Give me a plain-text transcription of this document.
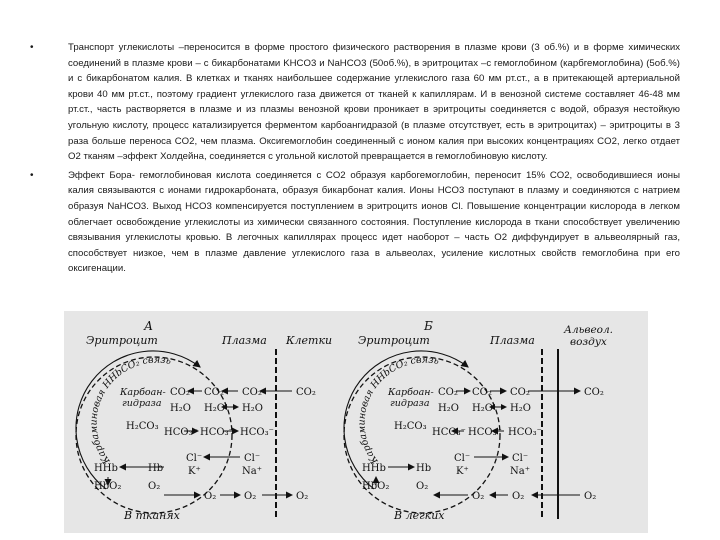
•	Транспорт углекислоты –переносится в форме простого физического растворения в плазме крови (3 об.%) и в форме химических соединений в плазме крови – с бикарбонатами KHCO3 и NaHCO3 (50об.%), в эритроцитах –с гемоглобином (карбгемоглобина) (5об.%) и с бикарбонатом калия. В клетках и тканях наибольшее содержание углекислого газа 60 мм рт.ст., а в притекающей артериальной крови 40 мм рт.ст., поэтому градиент углекислого газа движется от тканей к капиллярам. И в венозной системе составляет 46-48 мм рт.ст., часть растворяется в плазме и из плазмы венозной крови проникает в эритроциты соединяется с водой, образуя нестойкую угольную кислоту, процесс катализируется ферментом карбоангидразой (в плазме отсутствует, есть в эритроцитах) – эритроциты в 3 раза больше переноса CO2, чем плазма. Оксигемоглобин соединенный с ионом калия при высоких концентрациях CO2, легко отдает O2 тканям –эффект Холдейна, соединяется с угольной кислотой превращается в гемоглобиновую кислоту.
•	Эффект Бора- гемоглобиновая кислота соединяется с CO2 образуя карбогемоглобин, переносит 15% CO2, освободившиеся ионы калия связываются с ионами гидрокарбоната, образуя бикарбонат калия. Ионы HCO3 поступают в плазму и соединяются с натрием образуя NaHCO3. Выход HCO3 компенсируется поступлением в эритроцитs ионов Cl. Повышение концентрации кислорода в легком облегчает освобождение углекислоты из химически связанного состояния. Поступление кислорода в ткани способствует увеличению связывания углекислоты кровью. В легочных капиллярах процесс идет наоборот – часть O2 диффундирует в альвеолярный газ, способствует низкое, чем в плазме давление углекислого газа в альвеолах, усиление кислотных свойств гемоглобина при его оксигенации.
А
Эритроцит	Плазма Клетки
Карбаминовая HHbCO₂ связь
Карбоан-
гидраза
CO₂
H₂O
H₂CO₃
HCO₃⁻
HHb	Hb
HbO₂	O₂
CO₂
H₂O
HCO₃⁻
Cl⁻
K⁺
O₂
CO₂
H₂O
HCO₃⁻
Cl⁻
Na⁺
O₂
CO₂
O₂
В тканях
Б
Эритроцит	Плазма
Альвеол.
воздух
Карбаминовая HHbCO₂ связь
Карбоан-
гидраза
CO₂
H₂O
H₂CO₃
HCO₃⁻
HHb	Hb
HbO₂	O₂
CO₂
H₂O
HCO₃⁻
Cl⁻
K⁺
O₂
CO₂
H₂O
HCO₃⁻
Cl⁻
Na⁺
O₂
CO₂
O₂
В легких
